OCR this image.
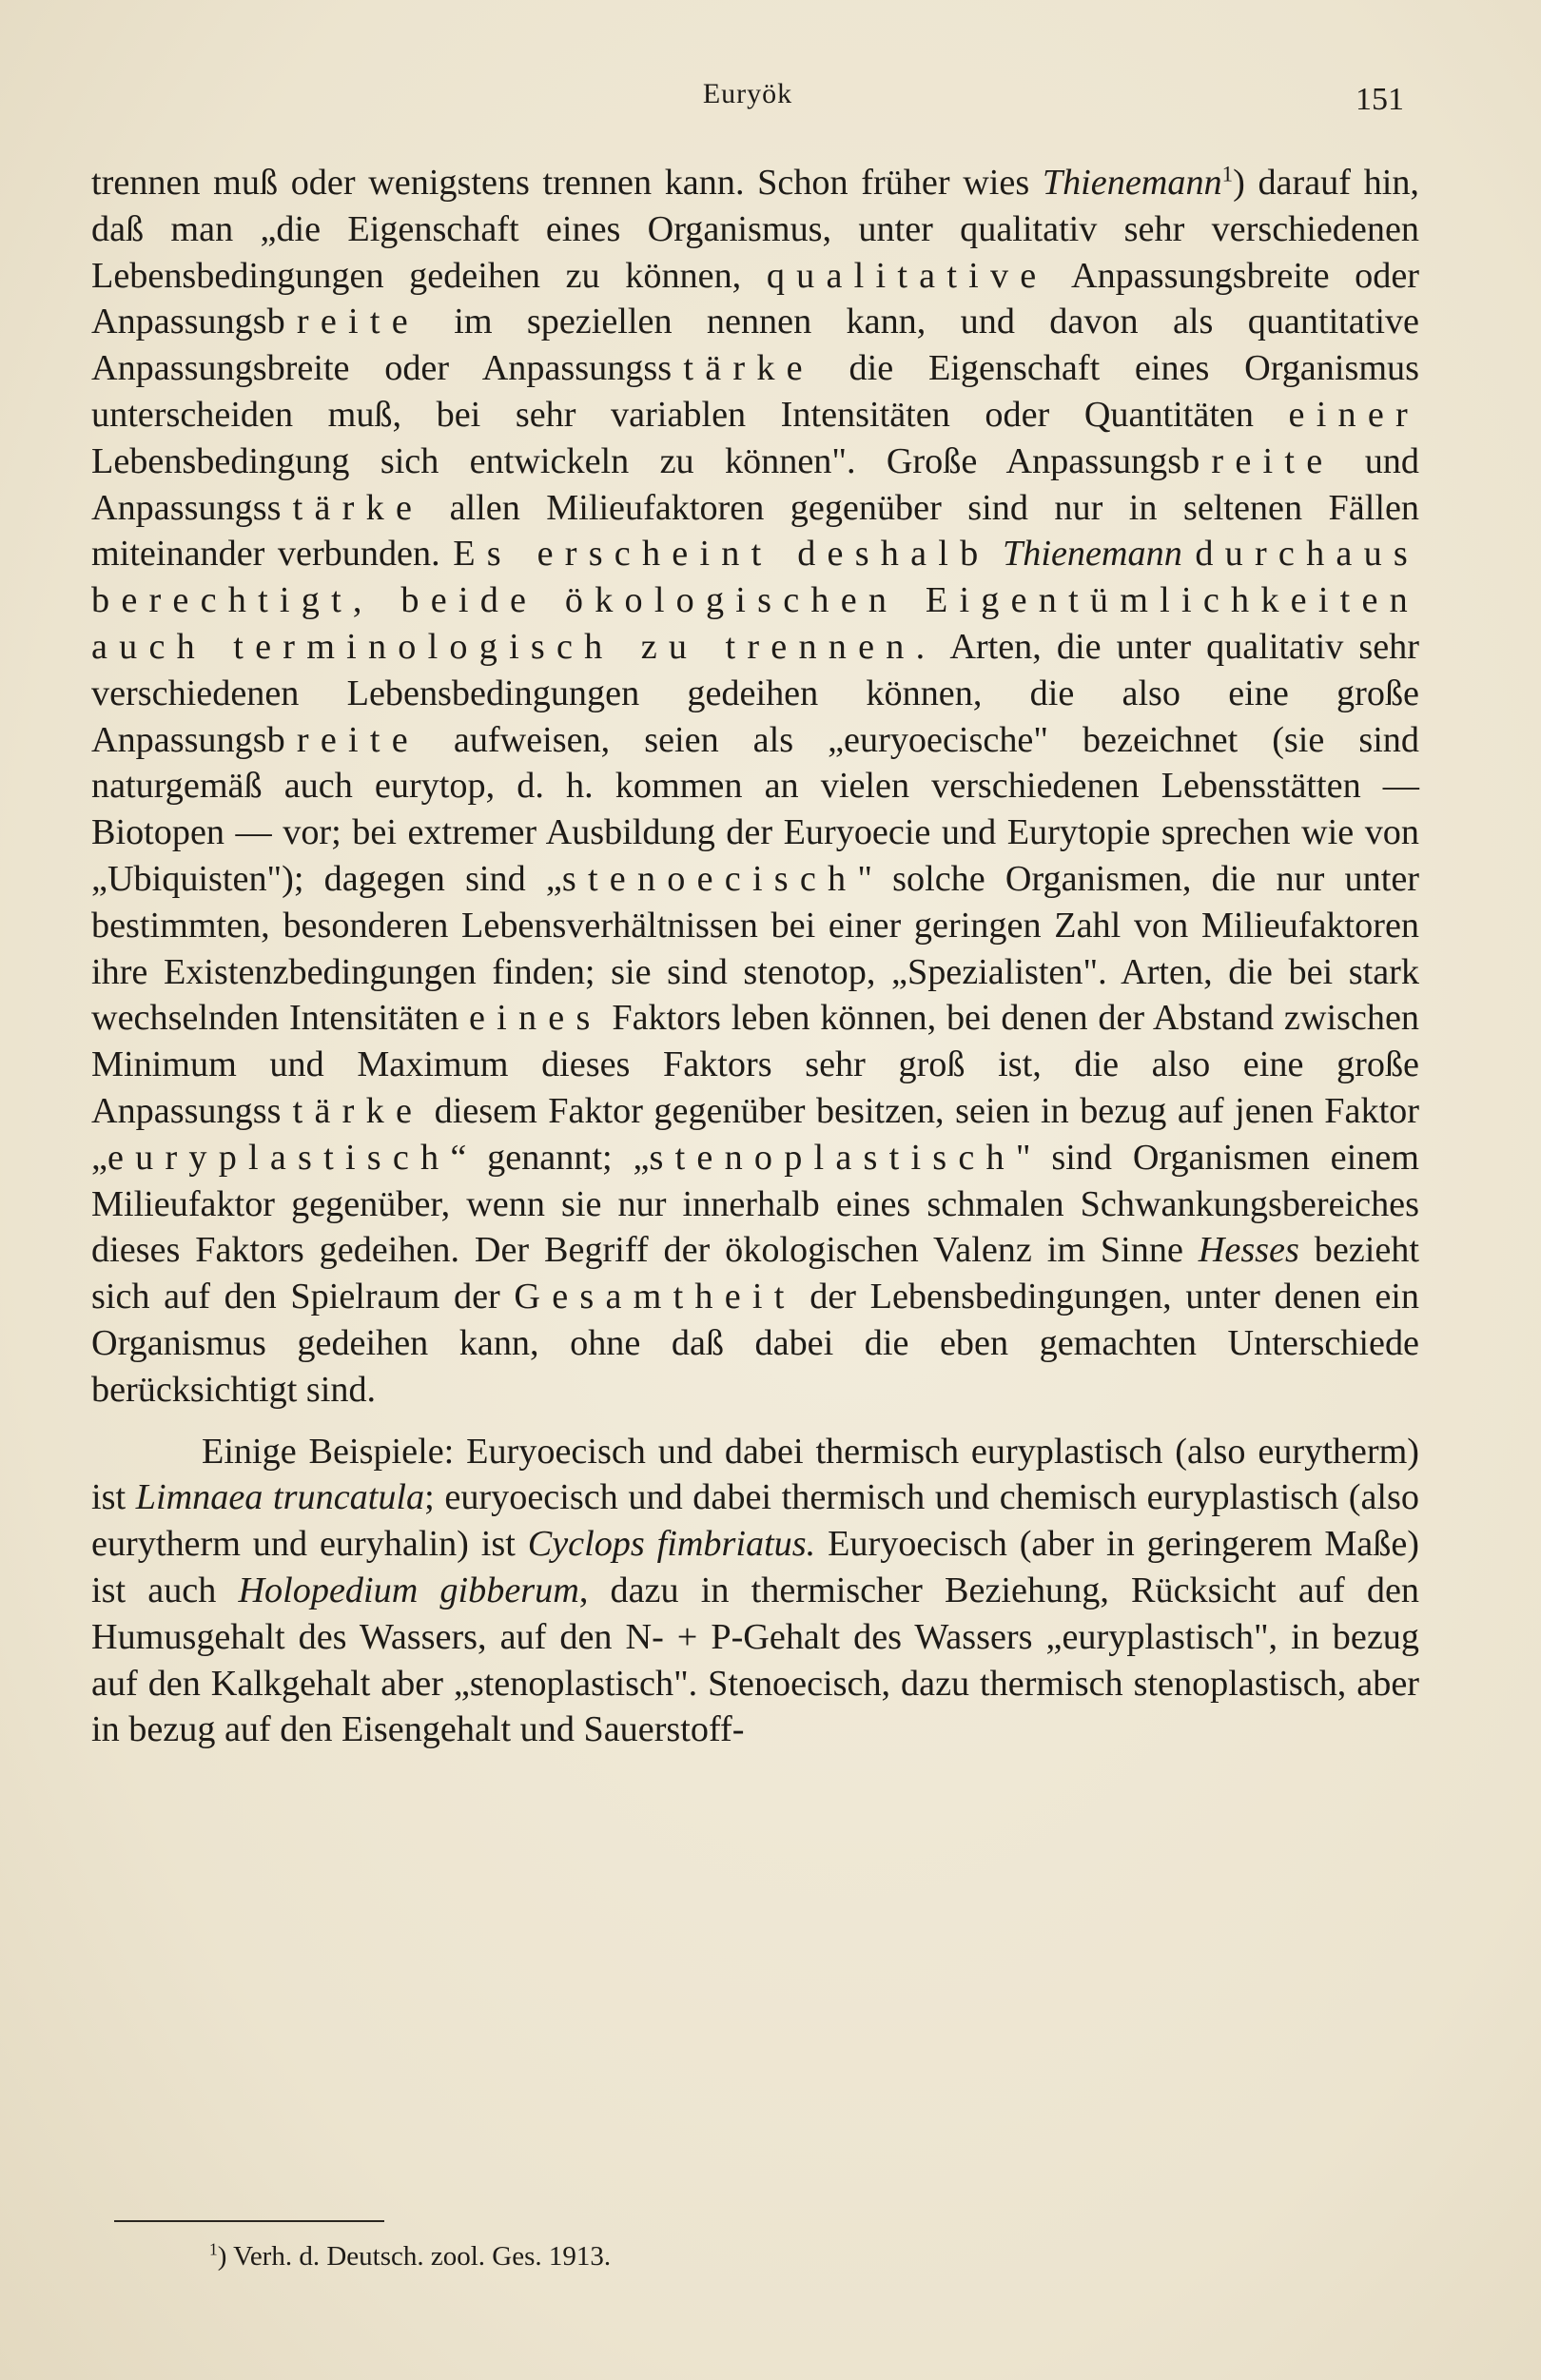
Euryök	151

trennen muß oder wenigstens trennen kann. Schon früher wies Thienemann$^1$) darauf hin, daß man „die Eigenschaft eines Organismus, unter qualitativ sehr verschiedenen Lebensbedingungen gedeihen zu können, qualitative Anpassungsbreite oder Anpassungsbreite im speziellen nennen kann, und davon als quantitative Anpassungsbreite oder Anpassungsstärke die Eigenschaft eines Organismus unterscheiden muß, bei sehr variablen Intensitäten oder Quantitäten einer Lebensbedingung sich entwickeln zu können". Große Anpassungsbreite und Anpassungsstärke allen Milieufaktoren gegenüber sind nur in seltenen Fällen miteinander verbunden. Es erscheint deshalb Thienemann durchaus berechtigt, beide ökologischen Eigentümlichkeiten auch terminologisch zu trennen. Arten, die unter qualitativ sehr verschiedenen Lebensbedingungen gedeihen können, die also eine große Anpassungsbreite aufweisen, seien als „euryoecische" bezeichnet (sie sind naturgemäß auch eurytop, d. h. kommen an vielen verschiedenen Lebensstätten — Biotopen — vor; bei extremer Ausbildung der Euryoecie und Eurytopie sprechen wie von „Ubiquisten"); dagegen sind „stenoecisch" solche Organismen, die nur unter bestimmten, besonderen Lebensverhältnissen bei einer geringen Zahl von Milieufaktoren ihre Existenzbedingungen finden; sie sind stenotop, „Spezialisten". Arten, die bei stark wechselnden Intensitäten eines Faktors leben können, bei denen der Abstand zwischen Minimum und Maximum dieses Faktors sehr groß ist, die also eine große Anpassungsstärke diesem Faktor gegenüber besitzen, seien in bezug auf jenen Faktor „euryplastisch“ genannt; „stenoplastisch" sind Organismen einem Milieufaktor gegenüber, wenn sie nur innerhalb eines schmalen Schwankungsbereiches dieses Faktors gedeihen. Der Begriff der ökologischen Valenz im Sinne Hesses bezieht sich auf den Spielraum der Gesamtheit der Lebensbedingungen, unter denen ein Organismus gedeihen kann, ohne daß dabei die eben gemachten Unterschiede berücksichtigt sind.

Einige Beispiele: Euryoecisch und dabei thermisch euryplastisch (also eurytherm) ist Limnaea truncatula; euryoecisch und dabei thermisch und chemisch euryplastisch (also eurytherm und euryhalin) ist Cyclops fimbriatus. Euryoecisch (aber in geringerem Maße) ist auch Holopedium gibberum, dazu in thermischer Beziehung, Rücksicht auf den Humusgehalt des Wassers, auf den N- + P-Gehalt des Wassers „euryplastisch", in bezug auf den Kalkgehalt aber „stenoplastisch". Stenoecisch, dazu thermisch stenoplastisch, aber in bezug auf den Eisengehalt und Sauerstoff-

$^1$) Verh. d. Deutsch. zool. Ges. 1913.
